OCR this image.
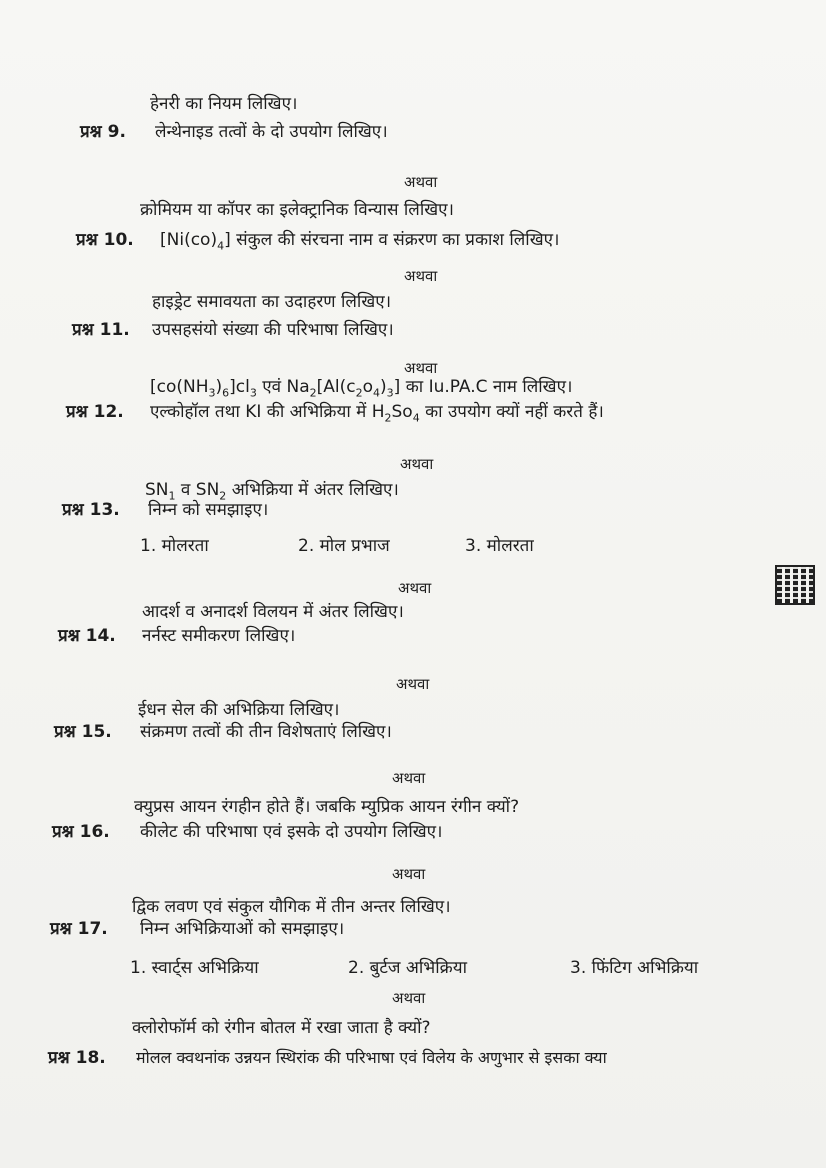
हेनरी का नियम लिखिए।
प्रश्न 9. लेन्थेनाइड तत्वों के दो उपयोग लिखिए।
अथवा
क्रोमियम या कॉपर का इलेक्ट्रानिक विन्यास लिखिए।
प्रश्न 10. $[Ni(co)_4]$ संकुल की संरचना नाम व संक्ररण का प्रकाश लिखिए।
अथवा
हाइड्रेट समावयता का उदाहरण लिखिए।
प्रश्न 11. उपसहसंयो संख्या की परिभाषा लिखिए।
अथवा
$[co(NH_3)_6]cl_3$ एवं $Na_2[Al(c_2o_4)_3]$ का Iu.PA.C नाम लिखिए।
प्रश्न 12. एल्कोहॉल तथा KI की अभिक्रिया में $H_2So_4$ का उपयोग क्यों नहीं करते हैं।
अथवा
$SN_1$ व $SN_2$ अभिक्रिया में अंतर लिखिए।
प्रश्न 13. निम्न को समझाइए।
1. मोलरता	2. मोल प्रभाज	3. मोलरता
अथवा
आदर्श व अनादर्श विलयन में अंतर लिखिए।
प्रश्न 14. नर्नस्ट समीकरण लिखिए।
अथवा
ईधन सेल की अभिक्रिया लिखिए।
प्रश्न 15. संक्रमण तत्वों की तीन विशेषताएं लिखिए।
अथवा
क्युप्रस आयन रंगहीन होते हैं। जबकि म्युप्रिक आयन रंगीन क्यों?
प्रश्न 16. कीलेट की परिभाषा एवं इसके दो उपयोग लिखिए।
अथवा
द्विक लवण एवं संकुल यौगिक में तीन अन्तर लिखिए।
प्रश्न 17. निम्न अभिक्रियाओं को समझाइए।
1. स्वार्ट्स अभिक्रिया	2. बुर्टज अभिक्रिया	3. फिंटिग अभिक्रिया
अथवा
क्लोरोफॉर्म को रंगीन बोतल में रखा जाता है क्यों?
प्रश्न 18. मोलल क्वथनांक उन्नयन स्थिरांक की परिभाषा एवं विलेय के अणुभार से इसका क्या
